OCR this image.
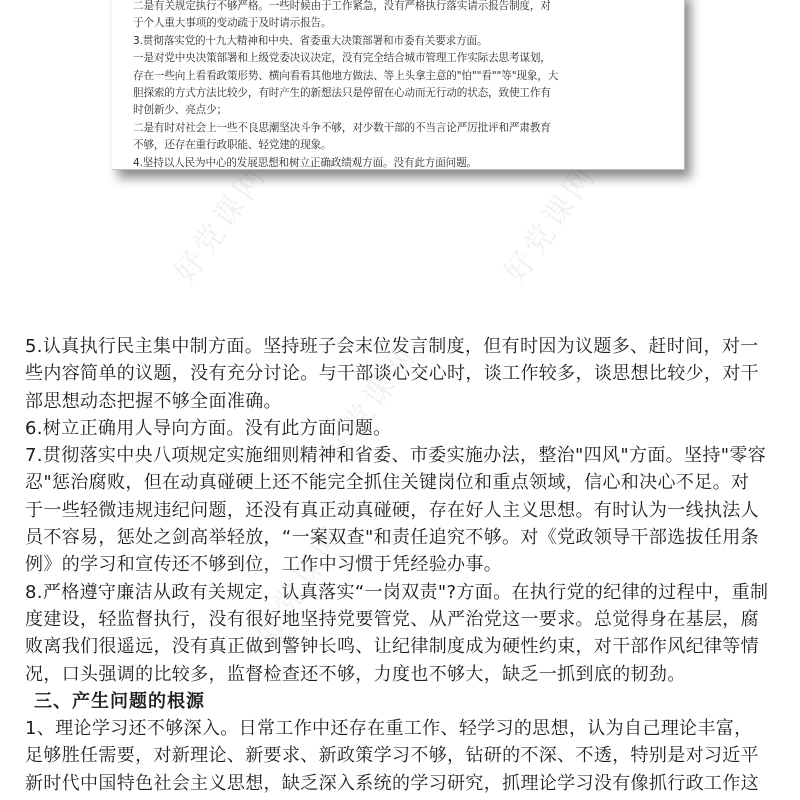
好党课网	好党课网
好党课网
好党课网
二是有关规定执行不够严格。一些时候由于工作紧急，没有严格执行落实请示报告制度，对
于个人重大事项的变动疏于及时请示报告。
3.贯彻落实党的十九大精神和中央、省委重大决策部署和市委有关要求方面。
一是对党中央决策部署和上级党委决议决定，没有完全结合城市管理工作实际去思考谋划，
存在一些向上看看政策形势、横向看看其他地方做法、等上头拿主意的"怕""看""等"现象，大
胆探索的方式方法比较少，有时产生的新想法只是停留在心动而无行动的状态，致使工作有
时创新少、亮点少；
二是有时对社会上一些不良思潮坚决斗争不够，对少数干部的不当言论严厉批评和严肃教育
不够，还存在重行政职能、轻党建的现象。
4.坚持以人民为中心的发展思想和树立正确政绩观方面。没有此方面问题。
5.认真执行民主集中制方面。坚持班子会末位发言制度，但有时因为议题多、赶时间，对一
些内容简单的议题，没有充分讨论。与干部谈心交心时，谈工作较多，谈思想比较少，对干
部思想动态把握不够全面准确。
6.树立正确用人导向方面。没有此方面问题。
7.贯彻落实中央八项规定实施细则精神和省委、市委实施办法，整治"四风"方面。坚持"零容
忍"惩治腐败，但在动真碰硬上还不能完全抓住关键岗位和重点领域，信心和决心不足。对
于一些轻微违规违纪问题，还没有真正动真碰硬，存在好人主义思想。有时认为一线执法人
员不容易，惩处之剑高举轻放，“一案双查"和责任追究不够。对《党政领导干部选拔任用条
例》的学习和宣传还不够到位，工作中习惯于凭经验办事。
8.严格遵守廉洁从政有关规定，认真落实“一岗双责"?方面。在执行党的纪律的过程中，重制
度建设，轻监督执行，没有很好地坚持党要管党、从严治党这一要求。总觉得身在基层，腐
败离我们很遥远，没有真正做到警钟长鸣、让纪律制度成为硬性约束，对干部作风纪律等情
况，口头强调的比较多，监督检查还不够，力度也不够大，缺乏一抓到底的韧劲。
三、产生问题的根源
1、理论学习还不够深入。日常工作中还存在重工作、轻学习的思想，认为自己理论丰富，
足够胜任需要，对新理论、新要求、新政策学习不够，钻研的不深、不透，特别是对习近平
新时代中国特色社会主义思想，缺乏深入系统的学习研究，抓理论学习没有像抓行政工作这
